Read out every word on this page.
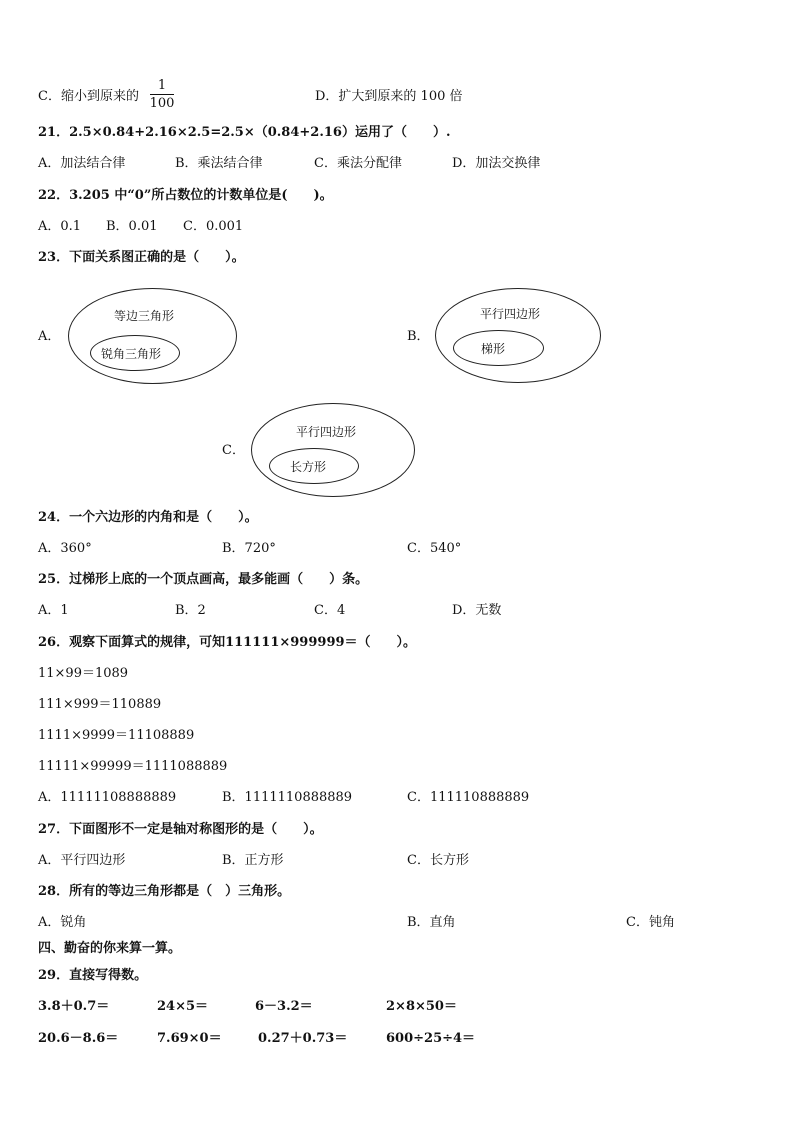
C．缩小到原来的
1
100	D．扩大到原来的 100 倍
21．2.5×0.84+2.16×2.5=2.5×（0.84+2.16）运用了（　　）.
A．加法结合律	B．乘法结合律	C．乘法分配律	D．加法交换律
22．3.205 中“0”所占数位的计数单位是(　　)。
A．0.1 B．0.01 C．0.001
23．下面关系图正确的是（　　）。
A．
等边三角形
锐角三角形
B．
平行四边形
梯形
C．
平行四边形
长方形
24．一个六边形的内角和是（　　）。
A．360°	B．720°	C．540°
25．过梯形上底的一个顶点画高，最多能画（　　）条。
A．1	B．2	C．4	D．无数
26．观察下面算式的规律，可知111111×999999＝（　　）。
11×99＝1089
111×999＝110889
1111×9999＝11108889
11111×99999＝1111088889
A．11111108888889	B．1111110888889	C．111110888889
27．下面图形不一定是轴对称图形的是（　　）。
A．平行四边形	B．正方形	C．长方形
28．所有的等边三角形都是（　）三角形。
A．锐角	B．直角	C．钝角
四、勤奋的你来算一算。
29．直接写得数。
3.8＋0.7＝	24×5＝	6－3.2＝	2×8×50＝
20.6－8.6＝	7.69×0＝	0.27＋0.73＝	600÷25÷4＝
